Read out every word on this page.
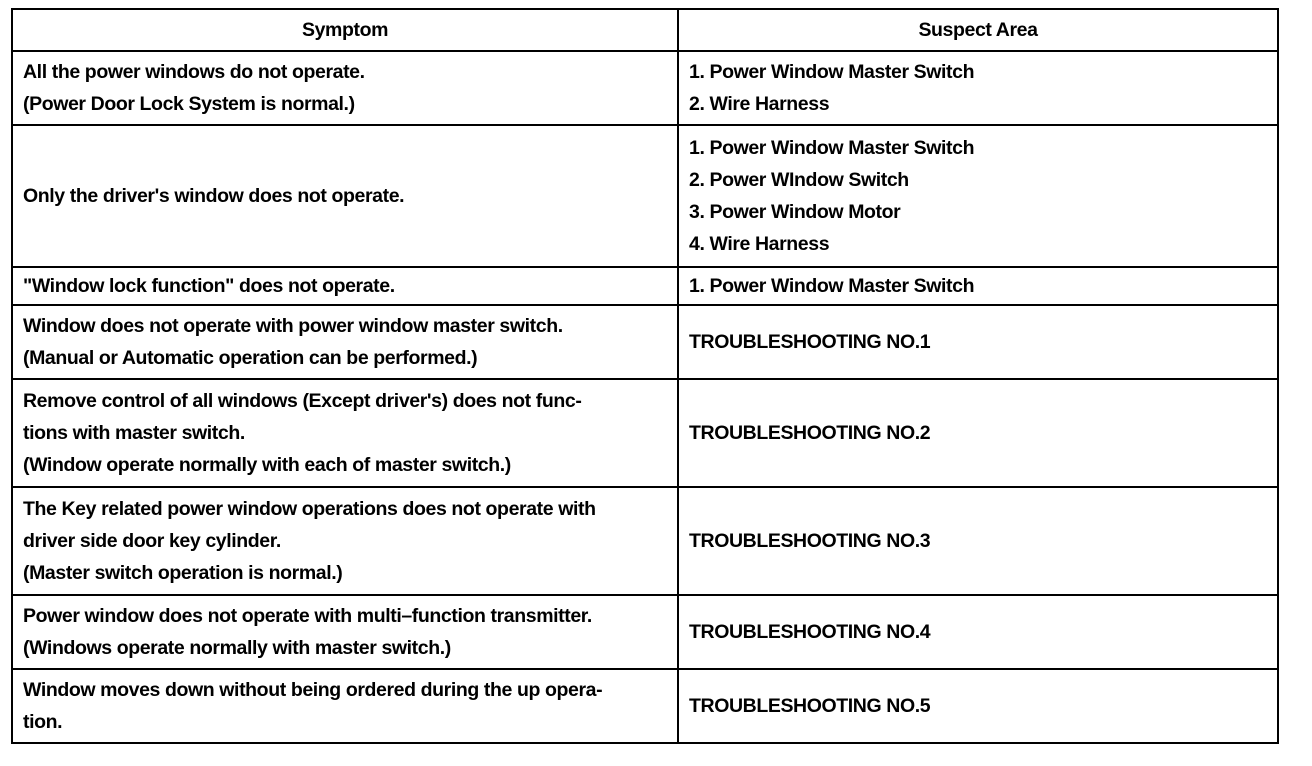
Symptom	Suspect Area

All the power windows do not operate.
(Power Door Lock System is normal.)	1. Power Window Master Switch
2. Wire Harness

Only the driver's window does not operate.	1. Power Window Master Switch
2. Power WIndow Switch
3. Power Window Motor
4. Wire Harness

"Window lock function" does not operate.	1. Power Window Master Switch

Window does not operate with power window master switch.
(Manual or Automatic operation can be performed.)	TROUBLESHOOTING NO.1

Remove control of all windows (Except driver's) does not func-
tions with master switch.
(Window operate normally with each of master switch.)	TROUBLESHOOTING NO.2

The Key related power window operations does not operate with
driver side door key cylinder.
(Master switch operation is normal.)	TROUBLESHOOTING NO.3

Power window does not operate with multi–function transmitter.
(Windows operate normally with master switch.)	TROUBLESHOOTING NO.4

Window moves down without being ordered during the up opera-
tion.	TROUBLESHOOTING NO.5
